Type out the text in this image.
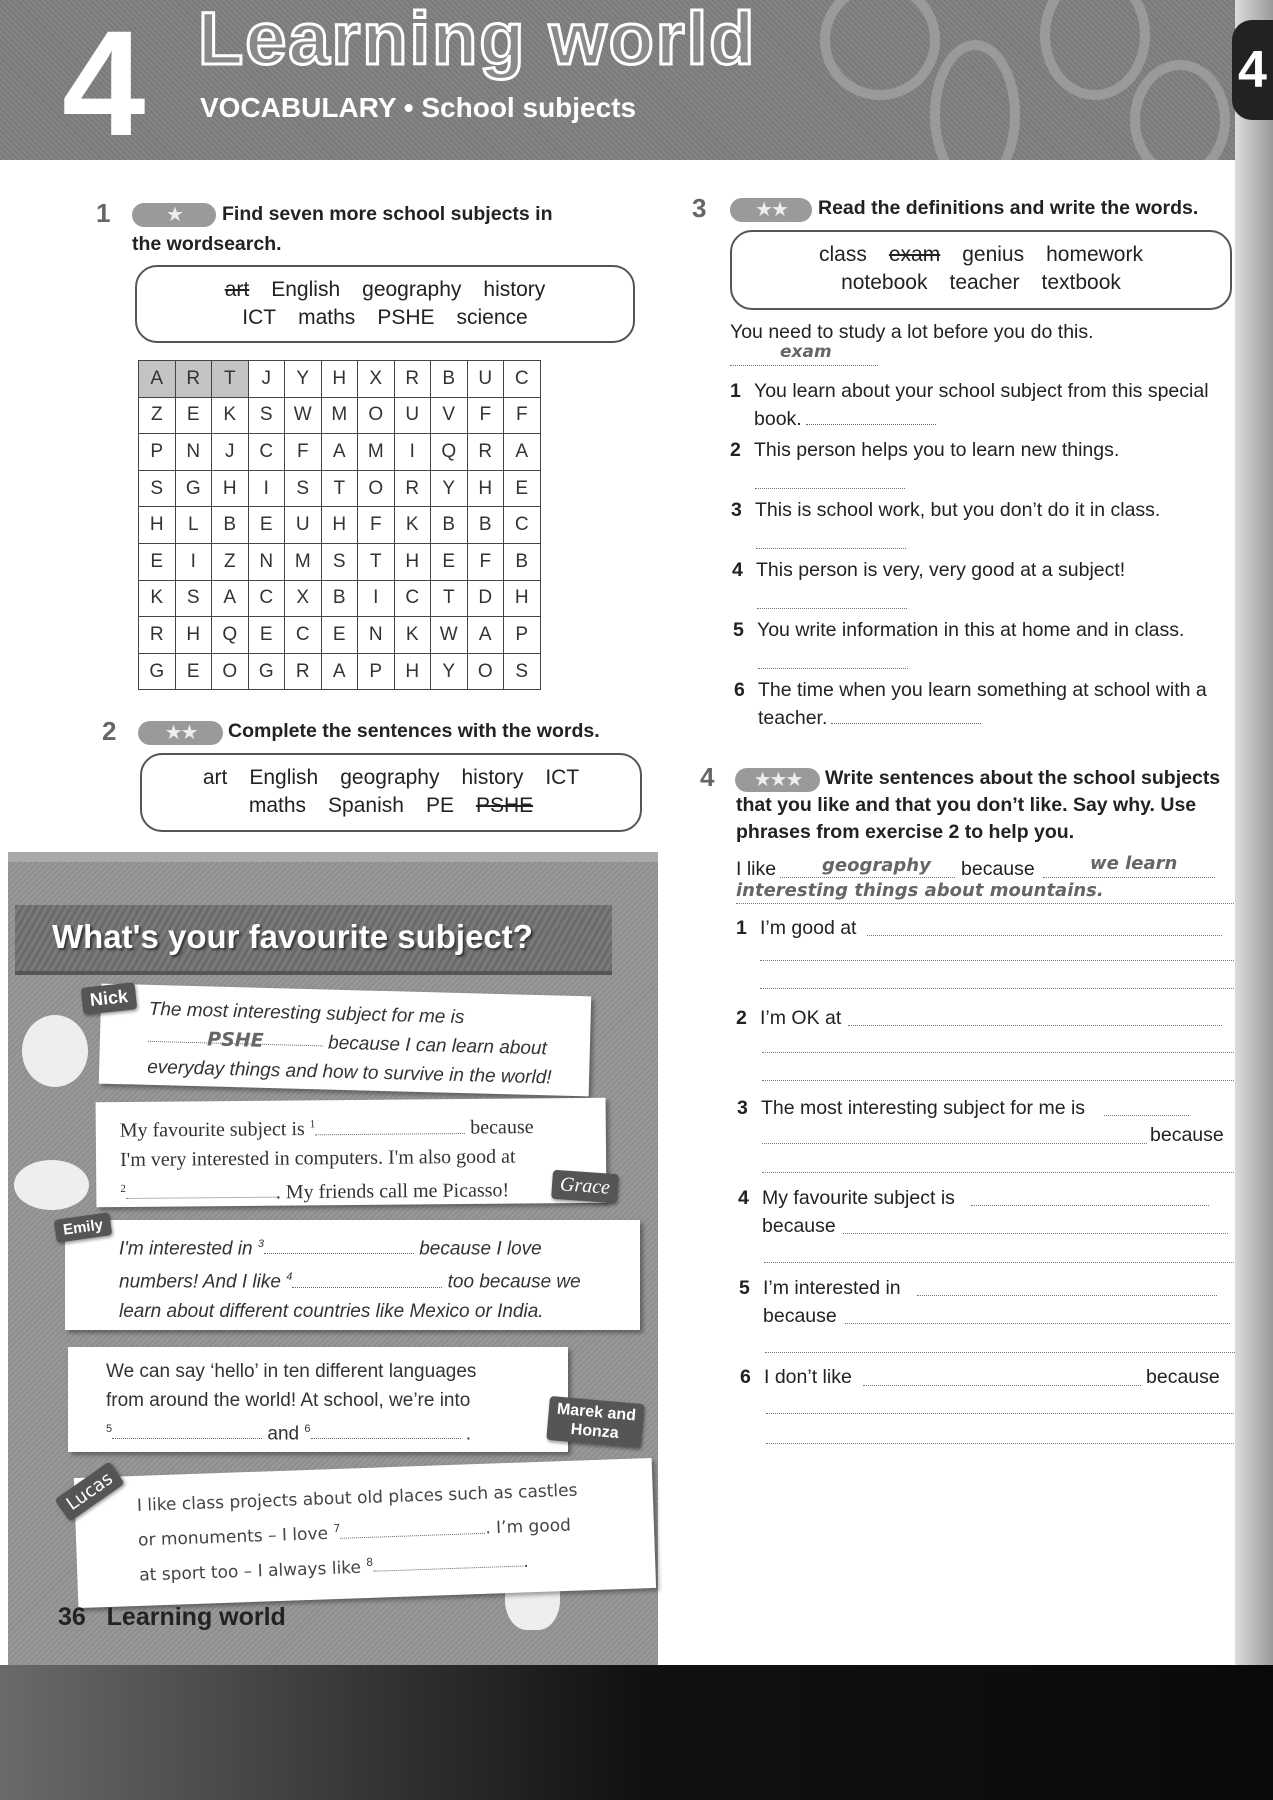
4 Learning world
VOCABULARY • School subjects
4
1	★	Find seven more school subjects in
the wordsearch.
art English geography history
ICT maths PSHE science
A	R	T	J	Y	H	X	R	B	U	C
Z	E	K	S	W	M	O	U	V	F	F
P	N	J	C	F	A	M	I	Q	R	A
S	G	H	I	S	T	O	R	Y	H	E
H	L	B	E	U	H	F	K	B	B	C
E	I	Z	N	M	S	T	H	E	F	B
K	S	A	C	X	B	I	C	T	D	H
R	H	Q	E	C	E	N	K	W	A	P
G	E	O	G	R	A	P	H	Y	O	S
2	★★	Complete the sentences with the words.
art English geography history ICT
maths Spanish PE PSHE
What's your favourite subject?
The most interesting subject for me is
PSHE	because I can learn about
everyday things and how to survive in the world!
Nick
My favourite subject is $^1$	because
I'm very interested in computers. I'm also good at
$^2$	. My friends call me Picasso!	Grace
I'm interested in $^3$	because I love
numbers! And I like $^4$	too because we
learn about different countries like Mexico or India.
Emily
We can say ‘hello’ in ten different languages
from around the world! At school, we’re into
$^5$	and $^6$	.
Marek and
Honza
I like class projects about old places such as castles
or monuments – I love $^7$	. I’m good
at sport too – I always like $^8$	.
Lucas
36 Learning world
3	★★	Read the definitions and write the words.
class exam genius homework
notebook teacher textbook
You need to study a lot before you do this.
exam
1 You learn about your school subject from this special
book.
2 This person helps you to learn new things.
3 This is school work, but you don’t do it in class.
4 This person is very, very good at a subject!
5 You write information in this at home and in class.
6 The time when you learn something at school with a
teacher.
4	★★★	Write sentences about the school subjects
that you like and that you don’t like. Say why. Use
phrases from exercise 2 to help you.
I like	geography because	we learn
interesting things about mountains.
1 I’m good at
2 I’m OK at
3 The most interesting subject for me is
because
4 My favourite subject is
because
5 I’m interested in
because
6 I don’t like	because
